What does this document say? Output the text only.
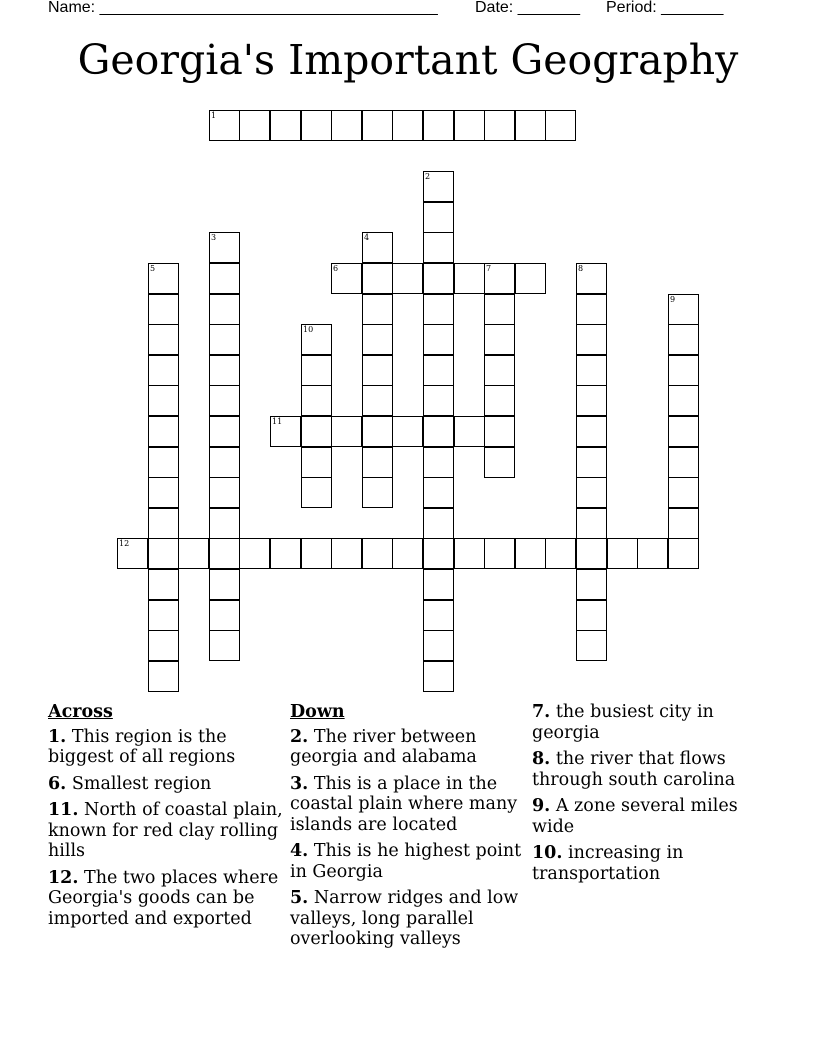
Name: ______________________________________ Date: _______ Period: _______
Georgia's Important Geography
1
2
3	4
5	6	7	8
9
10
11
12
Across
1. This region is the biggest of all regions
6. Smallest region
11. North of coastal plain, known for red clay rolling hills
12. The two places where Georgia's goods can be imported and exported
Down
2. The river between georgia and alabama
3. This is a place in the coastal plain where many islands are located
4. This is he highest point in Georgia
5. Narrow ridges and low valleys, long parallel overlooking valleys
7. the busiest city in georgia
8. the river that flows through south carolina
9. A zone several miles wide
10. increasing in transportation
